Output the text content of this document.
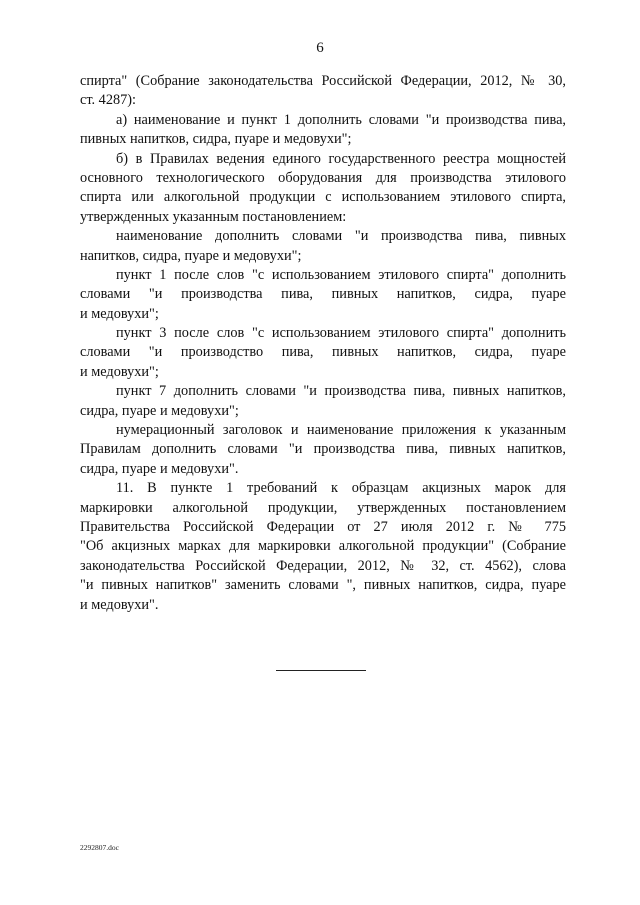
6
спирта" (Собрание законодательства Российской Федерации, 2012, № 30,
ст. 4287):
а) наименование и пункт 1 дополнить словами "и производства пива,
пивных напитков, сидра, пуаре и медовухи";
б) в Правилах ведения единого государственного реестра мощностей
основного технологического оборудования для производства этилового
спирта или алкогольной продукции с использованием этилового спирта,
утвержденных указанным постановлением:
наименование дополнить словами "и производства пива, пивных
напитков, сидра, пуаре и медовухи";
пункт 1 после слов "с использованием этилового спирта" дополнить
словами "и производства пива, пивных напитков, сидра, пуаре
и медовухи";
пункт 3 после слов "с использованием этилового спирта" дополнить
словами "и производство пива, пивных напитков, сидра, пуаре
и медовухи";
пункт 7 дополнить словами "и производства пива, пивных напитков,
сидра, пуаре и медовухи";
нумерационный заголовок и наименование приложения к указанным
Правилам дополнить словами "и производства пива, пивных напитков,
сидра, пуаре и медовухи".
11. В пункте 1 требований к образцам акцизных марок для
маркировки алкогольной продукции, утвержденных постановлением
Правительства Российской Федерации от 27 июля 2012 г. № 775
"Об акцизных марках для маркировки алкогольной продукции" (Собрание
законодательства Российской Федерации, 2012, № 32, ст. 4562), слова
"и пивных напитков" заменить словами ", пивных напитков, сидра, пуаре
и медовухи".
2292807.doc
